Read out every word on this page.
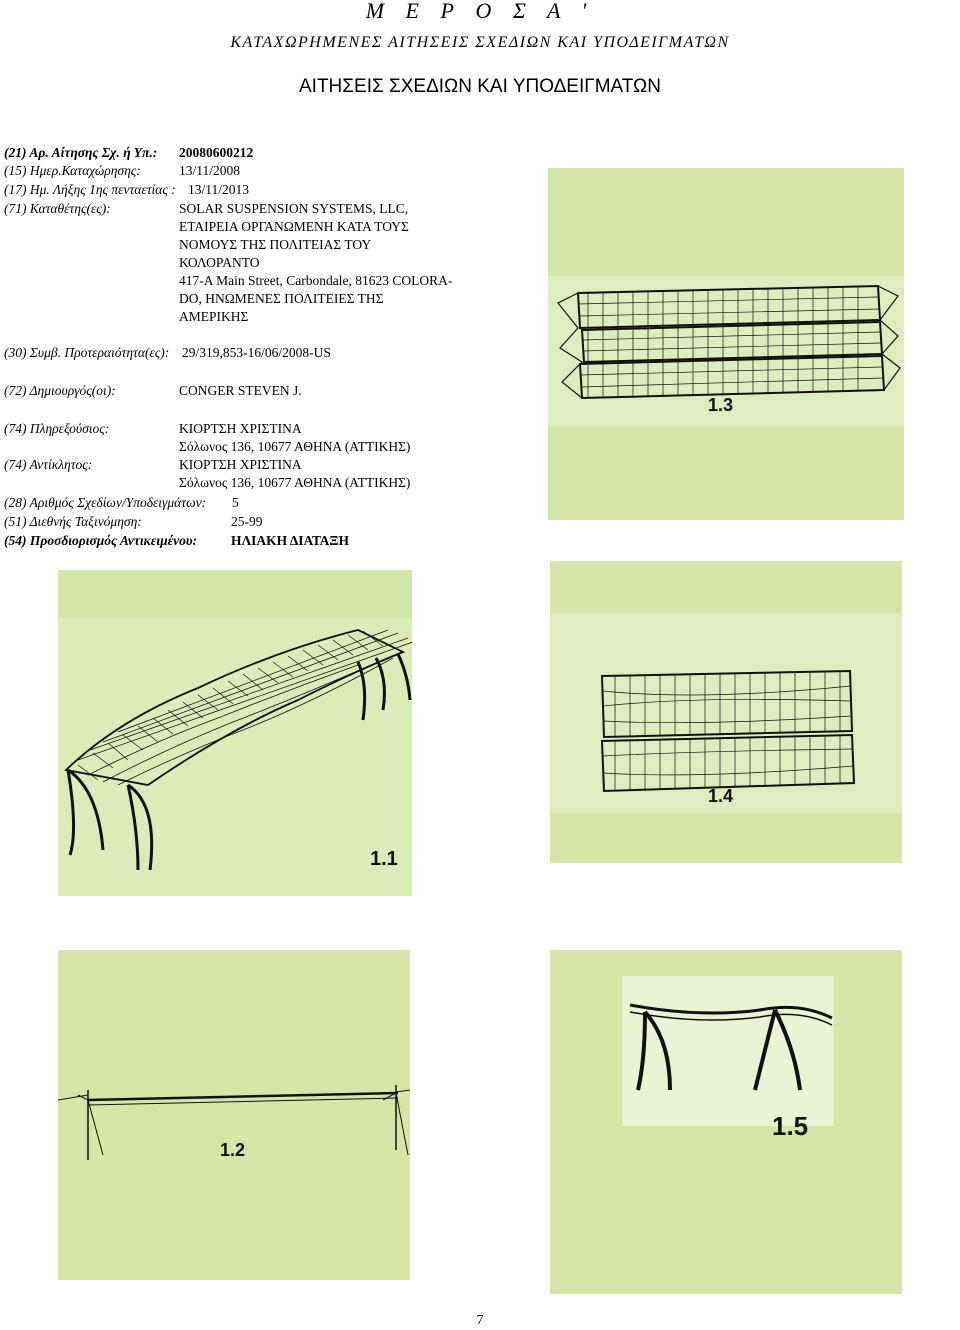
Μ Ε Ρ Ο Σ Α '
ΚΑΤΑΧΩΡΗΜΕΝΕΣ ΑΙΤΗΣΕΙΣ ΣΧΕΔΙΩΝ ΚΑΙ ΥΠΟΔΕΙΓΜΑΤΩΝ
ΑΙΤΗΣΕΙΣ ΣΧΕΔΙΩΝ ΚΑΙ ΥΠΟΔΕΙΓΜΑΤΩΝ
(21) Αρ. Αίτησης Σχ. ή Υπ.: 20080600212
(15) Ημερ.Καταχώρησης:	13/11/2008
(17) Ημ. Λήξης 1ης πενταετίας : 13/11/2013
(71) Καταθέτης(ες):	SOLAR SUSPENSION SYSTEMS, LLC,
ΕΤΑΙΡΕΙΑ ΟΡΓΑΝΩΜΕΝΗ ΚΑΤΑ ΤΟΥΣ
ΝΟΜΟΥΣ ΤΗΣ ΠΟΛΙΤΕΙΑΣ ΤΟΥ
ΚΟΛΟΡΑΝΤΟ
417-A Main Street, Carbondale, 81623 COLORA-
DO, ΗΝΩΜΕΝΕΣ ΠΟΛΙΤΕΙΕΣ ΤΗΣ
ΑΜΕΡΙΚΗΣ
(30) Συμβ. Προτεραιότητα(ες): 29/319,853-16/06/2008-US
(72) Δημιουργός(οι):	CONGER STEVEN J.
(74) Πληρεξούσιος:	ΚΙΟΡΤΣΗ ΧΡΙΣΤΙΝΑ
Σόλωνος 136, 10677 ΑΘΗΝΑ (ΑΤΤΙΚΗΣ)
(74) Αντίκλητος:	ΚΙΟΡΤΣΗ ΧΡΙΣΤΙΝΑ
Σόλωνος 136, 10677 ΑΘΗΝΑ (ΑΤΤΙΚΗΣ)
(28) Αριθμός Σχεδίων/Υποδειγμάτων: 5
(51) Διεθνής Ταξινόμηση:	25-99
(54) Προσδιορισμός Αντικειμένου:	ΗΛΙΑΚΗ ΔΙΑΤΑΞΗ
1.3
1.1
1.4
1.2
1.5
7
